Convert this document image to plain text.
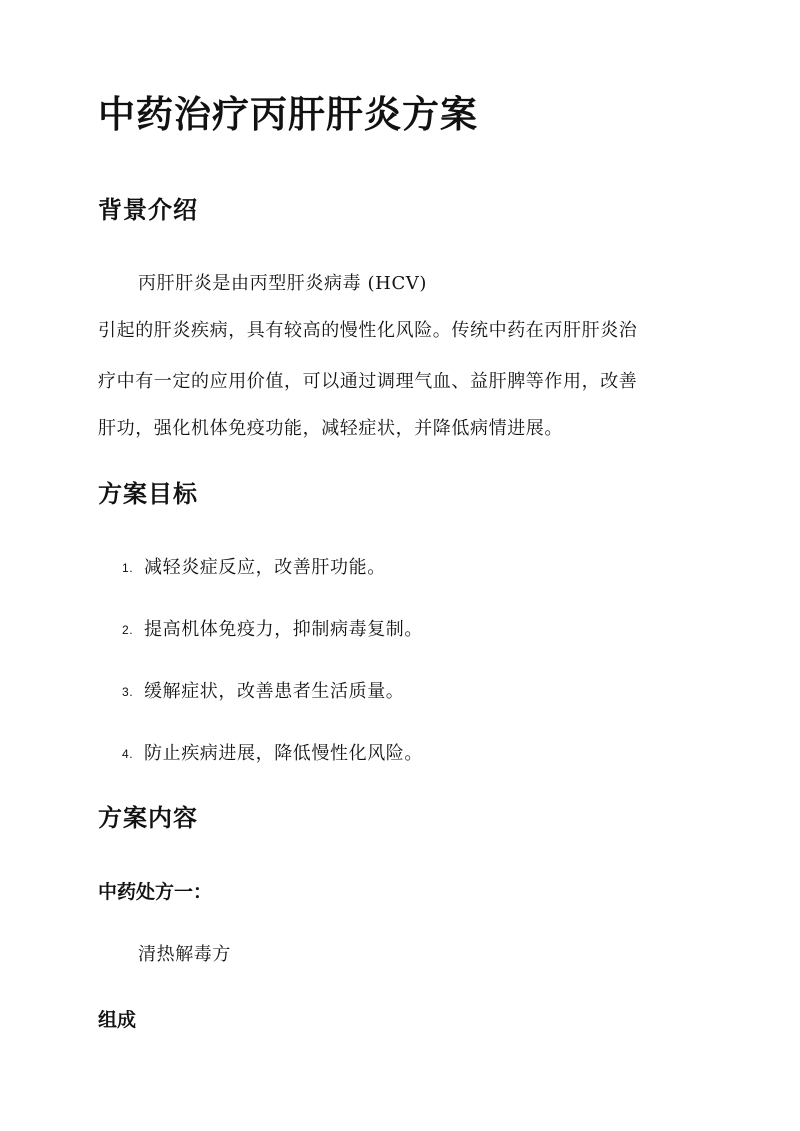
中药治疗丙肝肝炎方案
背景介绍
丙肝肝炎是由丙型肝炎病毒 (HCV)
引起的肝炎疾病，具有较高的慢性化风险。传统中药在丙肝肝炎治
疗中有一定的应用价值，可以通过调理气血、益肝脾等作用，改善
肝功，强化机体免疫功能，减轻症状，并降低病情进展。
方案目标
1. 减轻炎症反应，改善肝功能。
2. 提高机体免疫力，抑制病毒复制。
3. 缓解症状，改善患者生活质量。
4. 防止疾病进展，降低慢性化风险。
方案内容
中药处方一：
清热解毒方
组成
